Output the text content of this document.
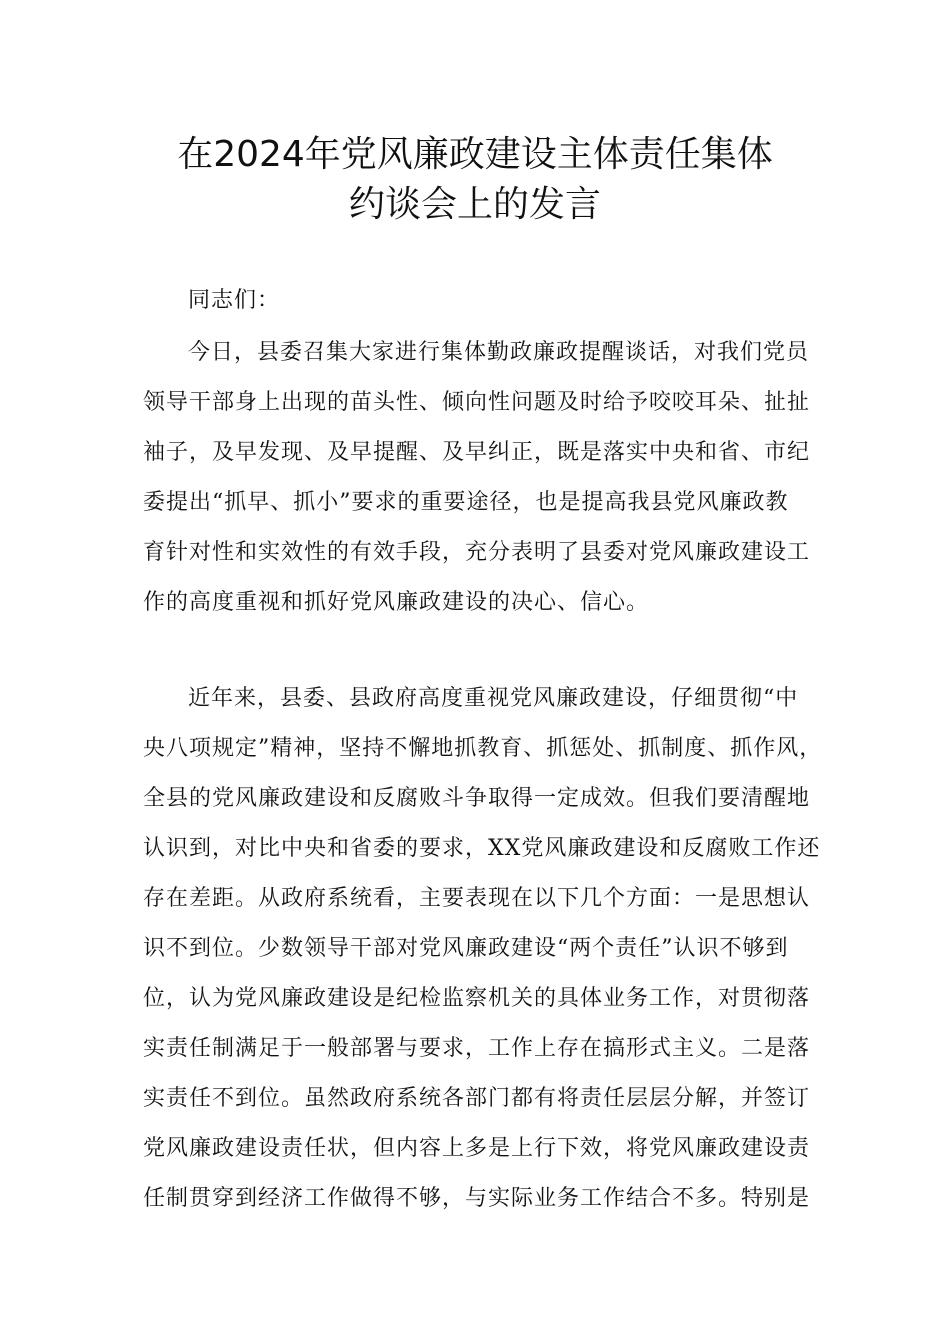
在2024年党风廉政建设主体责任集体
约谈会上的发言
同志们：
今日，县委召集大家进行集体勤政廉政提醒谈话，对我们党员
领导干部身上出现的苗头性、倾向性问题及时给予咬咬耳朵、扯扯
袖子，及早发现、及早提醒、及早纠正，既是落实中央和省、市纪
委提出“抓早、抓小”要求的重要途径，也是提高我县党风廉政教
育针对性和实效性的有效手段，充分表明了县委对党风廉政建设工
作的高度重视和抓好党风廉政建设的决心、信心。
近年来，县委、县政府高度重视党风廉政建设，仔细贯彻“中
央八项规定”精神，坚持不懈地抓教育、抓惩处、抓制度、抓作风，
全县的党风廉政建设和反腐败斗争取得一定成效。但我们要清醒地
认识到，对比中央和省委的要求，XX党风廉政建设和反腐败工作还
存在差距。从政府系统看，主要表现在以下几个方面：一是思想认
识不到位。少数领导干部对党风廉政建设“两个责任”认识不够到
位，认为党风廉政建设是纪检监察机关的具体业务工作，对贯彻落
实责任制满足于一般部署与要求，工作上存在搞形式主义。二是落
实责任不到位。虽然政府系统各部门都有将责任层层分解，并签订
党风廉政建设责任状，但内容上多是上行下效，将党风廉政建设责
任制贯穿到经济工作做得不够，与实际业务工作结合不多。特别是
